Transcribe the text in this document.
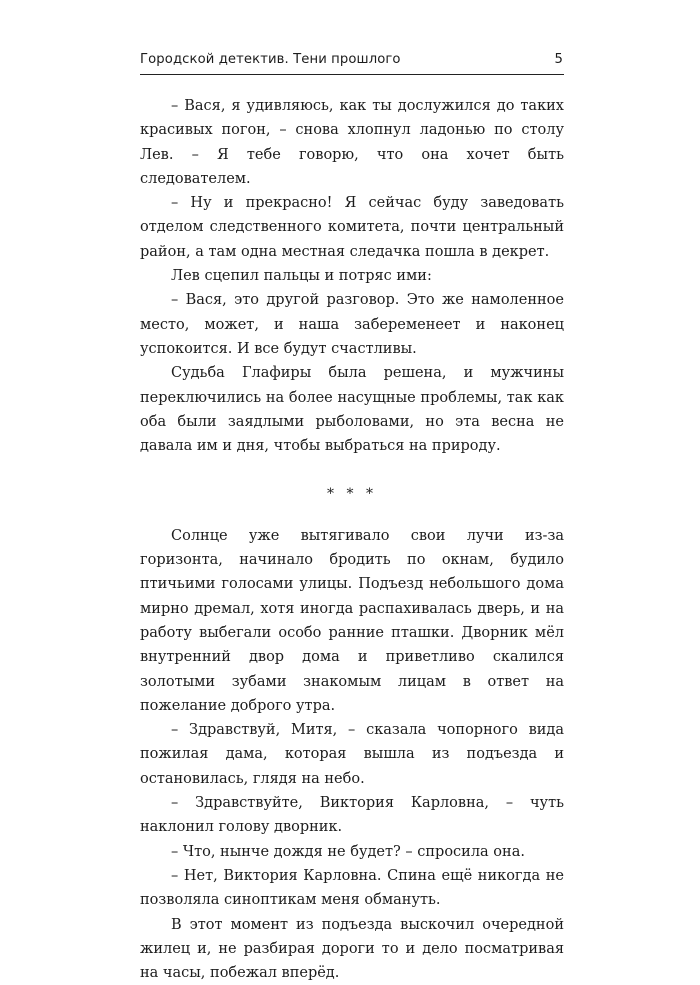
Городской детектив. Тени прошлого	5

– Вася, я удивляюсь, как ты дослужился до таких красивых погон, – снова хлопнул ладонью по столу Лев. – Я тебе говорю, что она хочет быть следователем.

– Ну и прекрасно! Я сейчас буду заведовать отделом следственного комитета, почти центральный район, а там одна местная следачка пошла в декрет.

Лев сцепил пальцы и потряс ими:

– Вася, это другой разговор. Это же намоленное место, может, и наша забеременеет и наконец успокоится. И все будут счастливы.

Судьба Глафиры была решена, и мужчины переключились на более насущные проблемы, так как оба были заядлыми рыболовами, но эта весна не давала им и дня, чтобы выбраться на природу.

* * *

Солнце уже вытягивало свои лучи из-за горизонта, начинало бродить по окнам, будило птичьими голосами улицы. Подъезд небольшого дома мирно дремал, хотя иногда распахивалась дверь, и на работу выбегали особо ранние пташки. Дворник мёл внутренний двор дома и приветливо скалился золотыми зубами знакомым лицам в ответ на пожелание доброго утра.

– Здравствуй, Митя, – сказала чопорного вида пожилая дама, которая вышла из подъезда и остановилась, глядя на небо.

– Здравствуйте, Виктория Карловна, – чуть наклонил голову дворник.

– Что, нынче дождя не будет? – спросила она.

– Нет, Виктория Карловна. Спина ещё никогда не позволяла синоптикам меня обмануть.

В этот момент из подъезда выскочил очередной жилец и, не разбирая дороги то и дело посматривая на часы, побежал вперёд.
